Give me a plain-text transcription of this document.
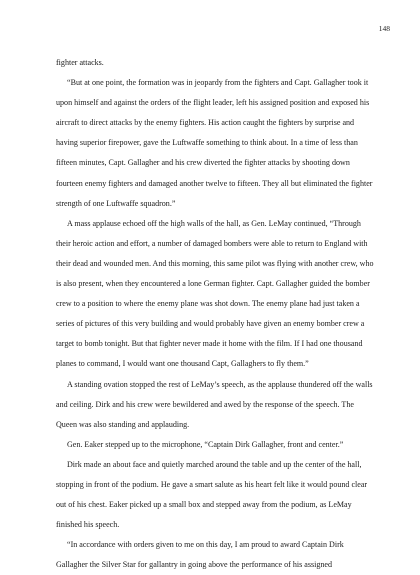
148

fighter attacks.

“But at one point, the formation was in jeopardy from the fighters and Capt. Gallagher took it upon himself and against the orders of the flight leader, left his assigned position and exposed his aircraft to direct attacks by the enemy fighters. His action caught the fighters by surprise and having superior firepower, gave the Luftwaffe something to think about. In a time of less than fifteen minutes, Capt. Gallagher and his crew diverted the fighter attacks by shooting down fourteen enemy fighters and damaged another twelve to fifteen. They all but eliminated the fighter strength of one Luftwaffe squadron.”

A mass applause echoed off the high walls of the hall, as Gen. LeMay continued, “Through their heroic action and effort, a number of damaged bombers were able to return to England with their dead and wounded men. And this morning, this same pilot was flying with another crew, who is also present, when they encountered a lone German fighter. Capt. Gallagher guided the bomber crew to a position to where the enemy plane was shot down. The enemy plane had just taken a series of pictures of this very building and would probably have given an enemy bomber crew a target to bomb tonight. But that fighter never made it home with the film. If I had one thousand planes to command, I would want one thousand Capt, Gallaghers to fly them.”

A standing ovation stopped the rest of LeMay’s speech, as the applause thundered off the walls and ceiling. Dirk and his crew were bewildered and awed by the response of the speech. The Queen was also standing and applauding.

Gen. Eaker stepped up to the microphone, “Captain Dirk Gallagher, front and center.”

Dirk made an about face and quietly marched around the table and up the center of the hall, stopping in front of the podium. He gave a smart salute as his heart felt like it would pound clear out of his chest. Eaker picked up a small box and stepped away from the podium, as LeMay finished his speech.

“In accordance with orders given to me on this day, I am proud to award Captain Dirk Gallagher the Silver Star for gallantry in going above the performance of his assigned
